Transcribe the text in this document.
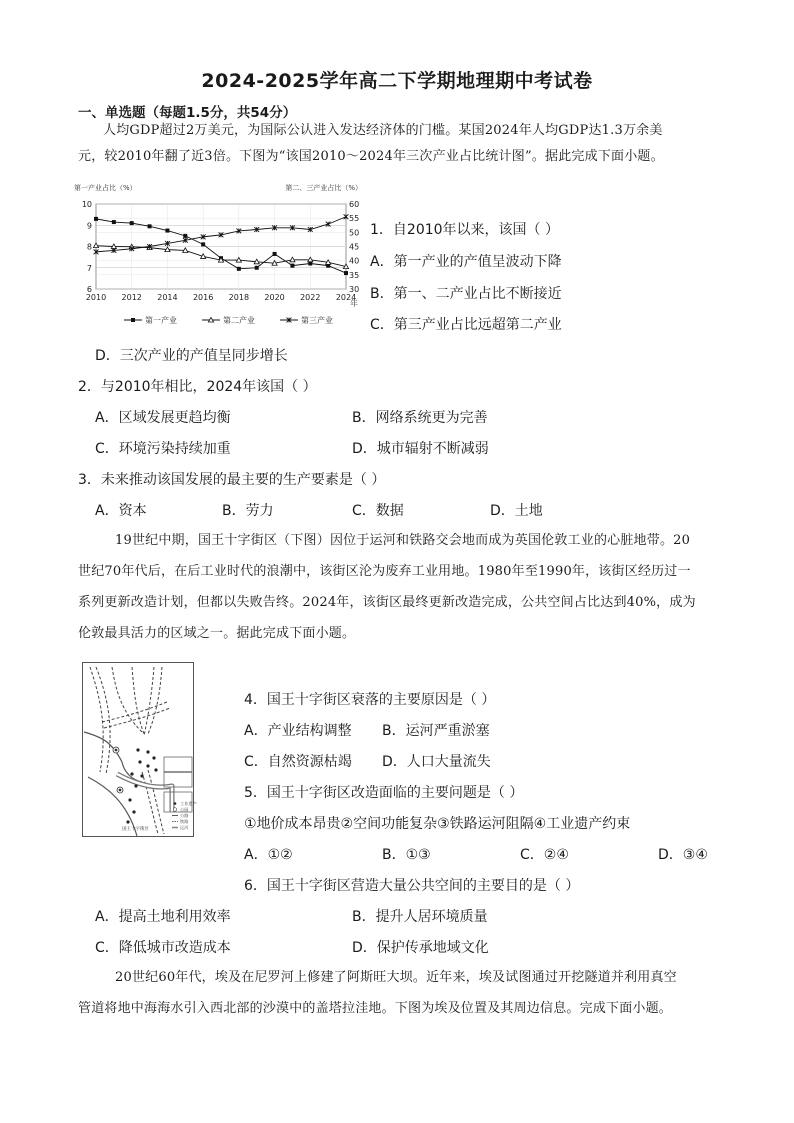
2024-2025学年高二下学期地理期中考试卷
一、单选题（每题1.5分，共54分）
人均GDP超过2万美元，为国际公认进入发达经济体的门槛。某国2024年人均GDP达1.3万余美
元，较2010年翻了近3倍。下图为“该国2010～2024年三次产业占比统计图”。据此完成下面小题。
第一产业占比（%）	第二、三产业占比（%）
6
7
8
9
10
30
35
40
45
50
55
60
2010 2012 2014 2016 2018 2020 2022 2024
年
第一产业	第二产业	第三产业
1．自2010年以来，该国（ ）
A．第一产业的产值呈波动下降
B．第一、二产业占比不断接近
C．第三产业占比远超第二产业
D．三次产业的产值呈同步增长
2．与2010年相比，2024年该国（ ）
A．区域发展更趋均衡	B．网络系统更为完善
C．环境污染持续加重	D．城市辐射不断减弱
3．未来推动该国发展的最主要的生产要素是（ ）
A．资本	B．劳力	C．数据	D．土地
19世纪中期，国王十字街区（下图）因位于运河和铁路交会地而成为英国伦敦工业的心脏地带。20
世纪70年代后，在后工业时代的浪潮中，该街区沦为废弃工业用地。1980年至1990年，该街区经历过一
系列更新改造计划，但都以失败告终。2024年，该街区最终更新改造完成，公共空间占比达到40%，成为
伦敦最具活力的区域之一。据此完成下面小题。
工业遗产
公园
公路
铁路
运河
国王十字街区
4．国王十字街区衰落的主要原因是（ ）
A．产业结构调整 B．运河严重淤塞
C．自然资源枯竭 D．人口大量流失
5．国王十字街区改造面临的主要问题是（ ）
①地价成本昂贵②空间功能复杂③铁路运河阻隔④工业遗产约束
A．①②	B．①③	C．②④	D．③④
6．国王十字街区营造大量公共空间的主要目的是（ ）
A．提高土地利用效率	B．提升人居环境质量
C．降低城市改造成本	D．保护传承地域文化
20世纪60年代，埃及在尼罗河上修建了阿斯旺大坝。近年来，埃及试图通过开挖隧道并利用真空
管道将地中海海水引入西北部的沙漠中的盖塔拉洼地。下图为埃及位置及其周边信息。完成下面小题。
